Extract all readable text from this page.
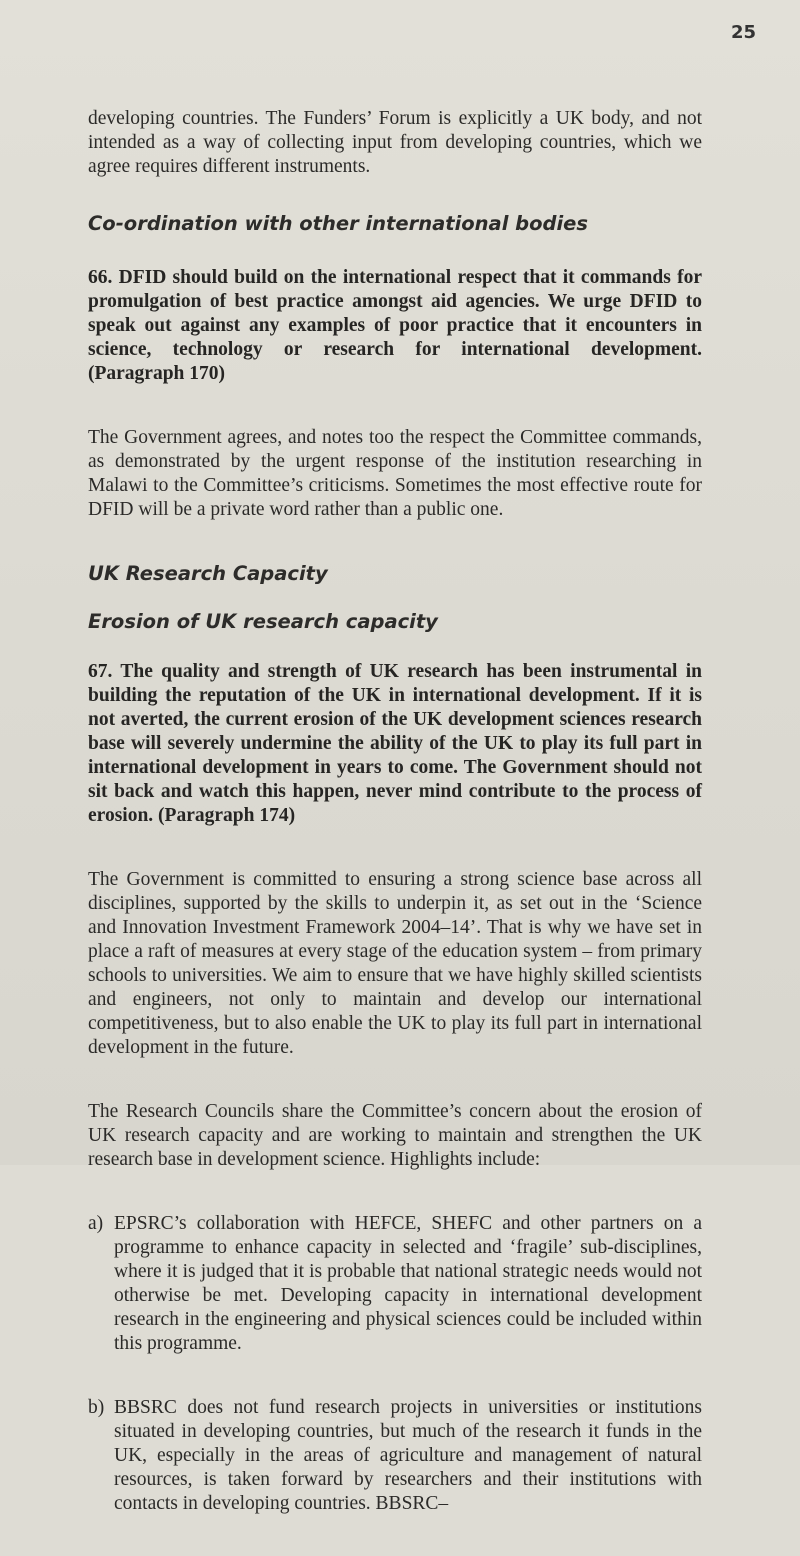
25

developing countries. The Funders’ Forum is explicitly a UK body, and not intended as a way of collecting input from developing countries, which we agree requires different instruments.

Co-ordination with other international bodies

66. DFID should build on the international respect that it commands for promulgation of best practice amongst aid agencies. We urge DFID to speak out against any examples of poor practice that it encounters in science, technology or research for international development. (Paragraph 170)

The Government agrees, and notes too the respect the Committee commands, as demonstrated by the urgent response of the institution researching in Malawi to the Committee’s criticisms. Sometimes the most effective route for DFID will be a private word rather than a public one.

UK Research Capacity
Erosion of UK research capacity

67. The quality and strength of UK research has been instrumental in building the reputation of the UK in international development. If it is not averted, the current erosion of the UK development sciences research base will severely undermine the ability of the UK to play its full part in international development in years to come. The Government should not sit back and watch this happen, never mind contribute to the process of erosion. (Paragraph 174)

The Government is committed to ensuring a strong science base across all disciplines, supported by the skills to underpin it, as set out in the ‘Science and Innovation Investment Framework 2004–14’. That is why we have set in place a raft of measures at every stage of the education system – from primary schools to universities. We aim to ensure that we have highly skilled scientists and engineers, not only to maintain and develop our international competitiveness, but to also enable the UK to play its full part in international development in the future.

The Research Councils share the Committee’s concern about the erosion of UK research capacity and are working to maintain and strengthen the UK research base in development science. Highlights include:

a) EPSRC’s collaboration with HEFCE, SHEFC and other partners on a programme to enhance capacity in selected and ‘fragile’ sub-disciplines, where it is judged that it is probable that national strategic needs would not otherwise be met. Developing capacity in international development research in the engineering and physical sciences could be included within this programme.
b) BBSRC does not fund research projects in universities or institutions situated in developing countries, but much of the research it funds in the UK, especially in the areas of agriculture and management of natural resources, is taken forward by researchers and their institutions with contacts in developing countries. BBSRC–
